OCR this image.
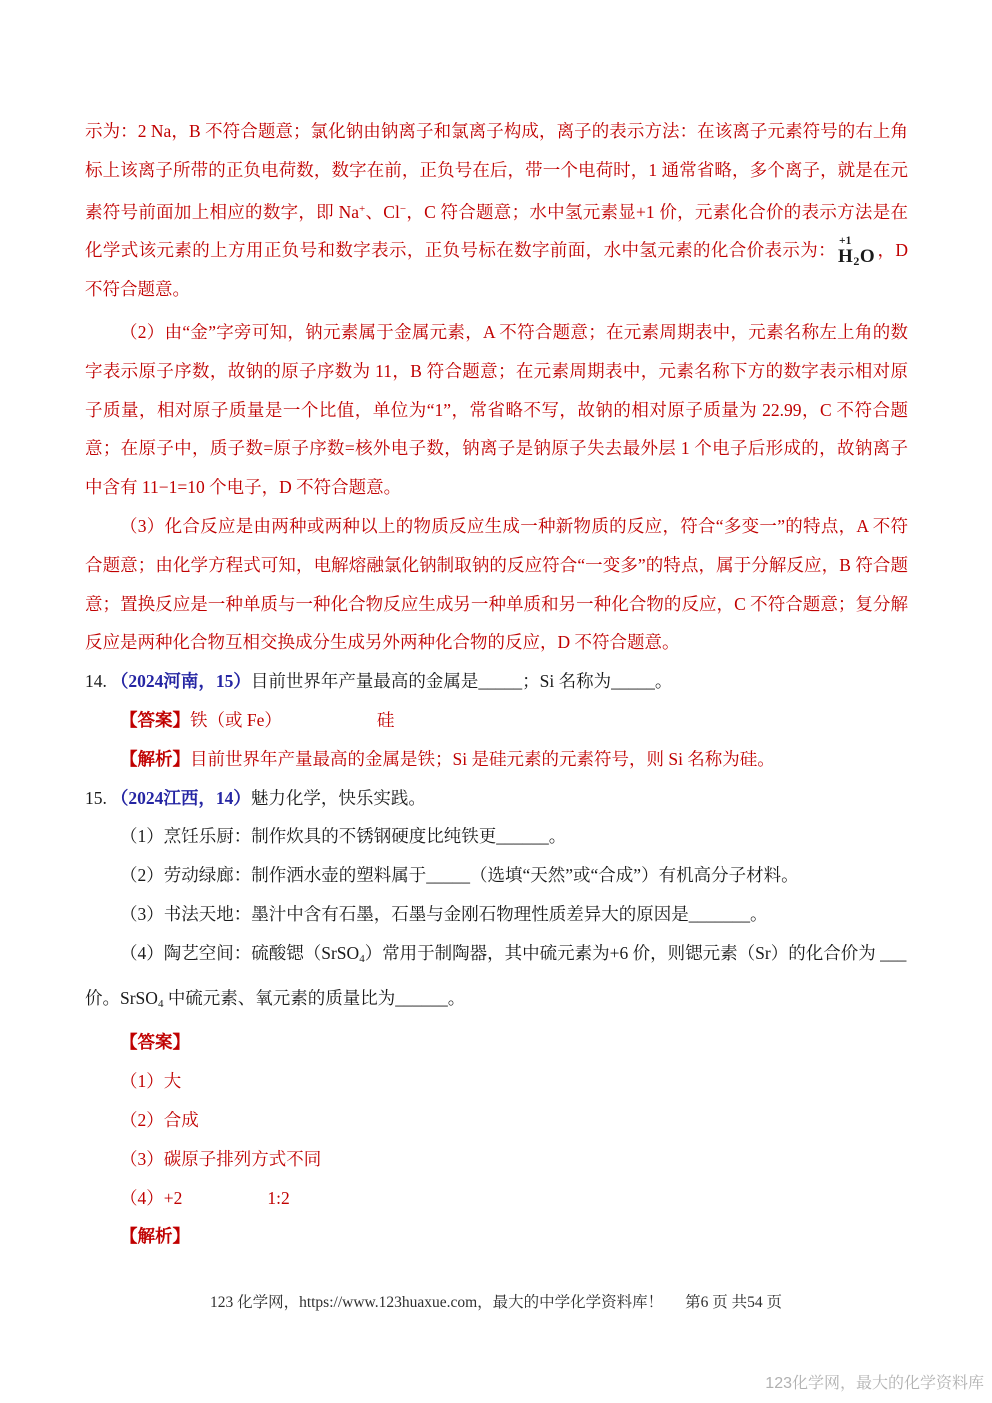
示为：2 Na，B 不符合题意；氯化钠由钠离子和氯离子构成，离子的表示方法：在该离子元素符号的右上角标上该离子所带的正负电荷数，数字在前，正负号在后，带一个电荷时，1 通常省略，多个离子，就是在元素符号前面加上相应的数字，即 Na+、Cl−，C 符合题意；水中氢元素显+1 价，元素化合价的表示方法是在化学式该元素的上方用正负号和数字表示，正负号标在数字前面，水中氢元素的化合价表示为： +1
$H_2O$ ，D 不符合题意。

（2）由“金”字旁可知，钠元素属于金属元素，A 不符合题意；在元素周期表中，元素名称左上角的数字表示原子序数，故钠的原子序数为 11，B 符合题意；在元素周期表中，元素名称下方的数字表示相对原子质量，相对原子质量是一个比值，单位为“1”，常省略不写，故钠的相对原子质量为 22.99，C 不符合题意；在原子中，质子数=原子序数=核外电子数，钠离子是钠原子失去最外层 1 个电子后形成的，故钠离子中含有 11−1=10 个电子，D 不符合题意。

（3）化合反应是由两种或两种以上的物质反应生成一种新物质的反应，符合“多变一”的特点，A 不符合题意；由化学方程式可知，电解熔融氯化钠制取钠的反应符合“一变多”的特点，属于分解反应，B 符合题意；置换反应是一种单质与一种化合物反应生成另一种单质和另一种化合物的反应，C 不符合题意；复分解反应是两种化合物互相交换成分生成另外两种化合物的反应，D 不符合题意。

14. （2024河南，15）目前世界年产量最高的金属是_____；Si 名称为_____。

【答案】铁（或 Fe）	硅

【解析】目前世界年产量最高的金属是铁；Si 是硅元素的元素符号，则 Si 名称为硅。

15. （2024江西，14）魅力化学，快乐实践。

（1）烹饪乐厨：制作炊具的不锈钢硬度比纯铁更______。

（2）劳动绿廊：制作洒水壶的塑料属于_____（选填“天然”或“合成”）有机高分子材料。

（3）书法天地：墨汁中含有石墨，石墨与金刚石物理性质差异大的原因是_______。

（4）陶艺空间：硫酸锶（SrSO$_4$）常用于制陶器，其中硫元素为+6 价，则锶元素（Sr）的化合价为 ___

价。SrSO$_4$ 中硫元素、氧元素的质量比为______。

【答案】

（1）大

（2）合成

（3）碳原子排列方式不同

（4）+2	1:2

【解析】

123 化学网，https://www.123huaxue.com，最大的中学化学资料库！ 第6 页 共54 页
123化学网，最大的化学资料库
